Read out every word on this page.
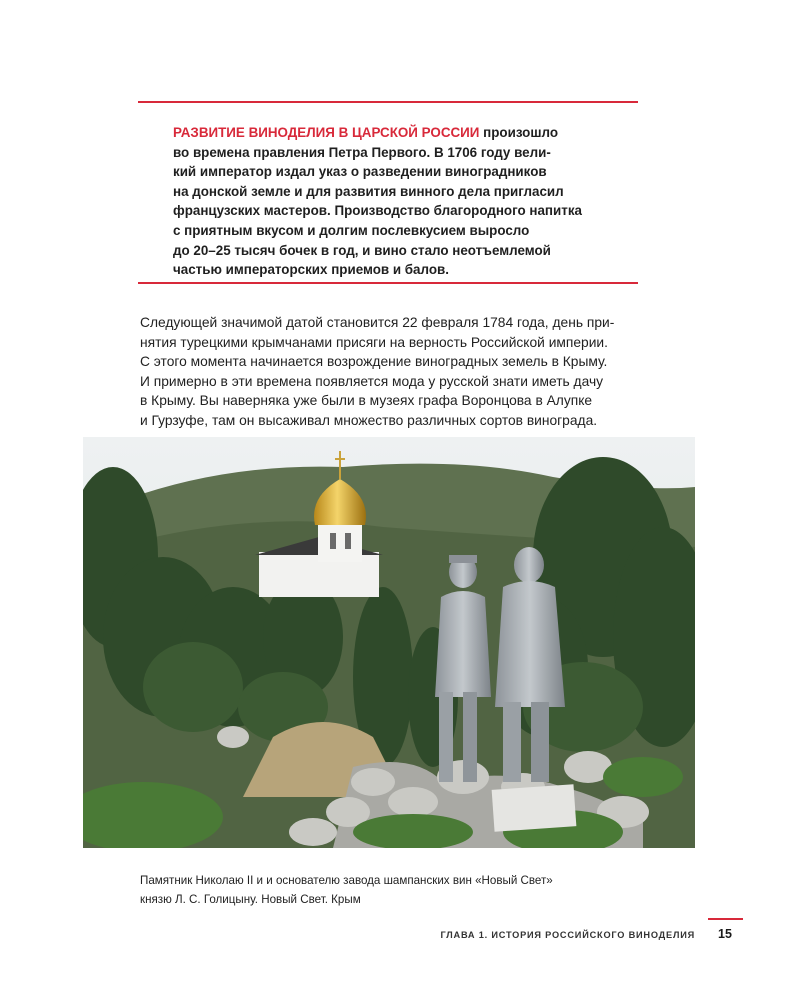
РАЗВИТИЕ ВИНОДЕЛИЯ В ЦАРСКОЙ РОССИИ произошло
во времена правления Петра Первого. В 1706 году вели-
кий император издал указ о разведении виноградников
на донской земле и для развития винного дела пригласил
французских мастеров. Производство благородного напитка
с приятным вкусом и долгим послевкусием выросло
до 20–25 тысяч бочек в год, и вино стало неотъемлемой
частью императорских приемов и балов.
Следующей значимой датой становится 22 февраля 1784 года, день при-
нятия турецкими крымчанами присяги на верность Российской империи.
С этого момента начинается возрождение виноградных земель в Крыму.
И примерно в эти времена появляется мода у русской знати иметь дачу
в Крыму. Вы наверняка уже были в музеях графа Воронцова в Алупке
и Гурзуфе, там он высаживал множество различных сортов винограда.
Памятник Николаю II и и основателю завода шампанских вин «Новый Свет»
князю Л. С. Голицыну. Новый Свет. Крым
ГЛАВА 1. ИСТОРИЯ РОССИЙСКОГО ВИНОДЕЛИЯ 15
